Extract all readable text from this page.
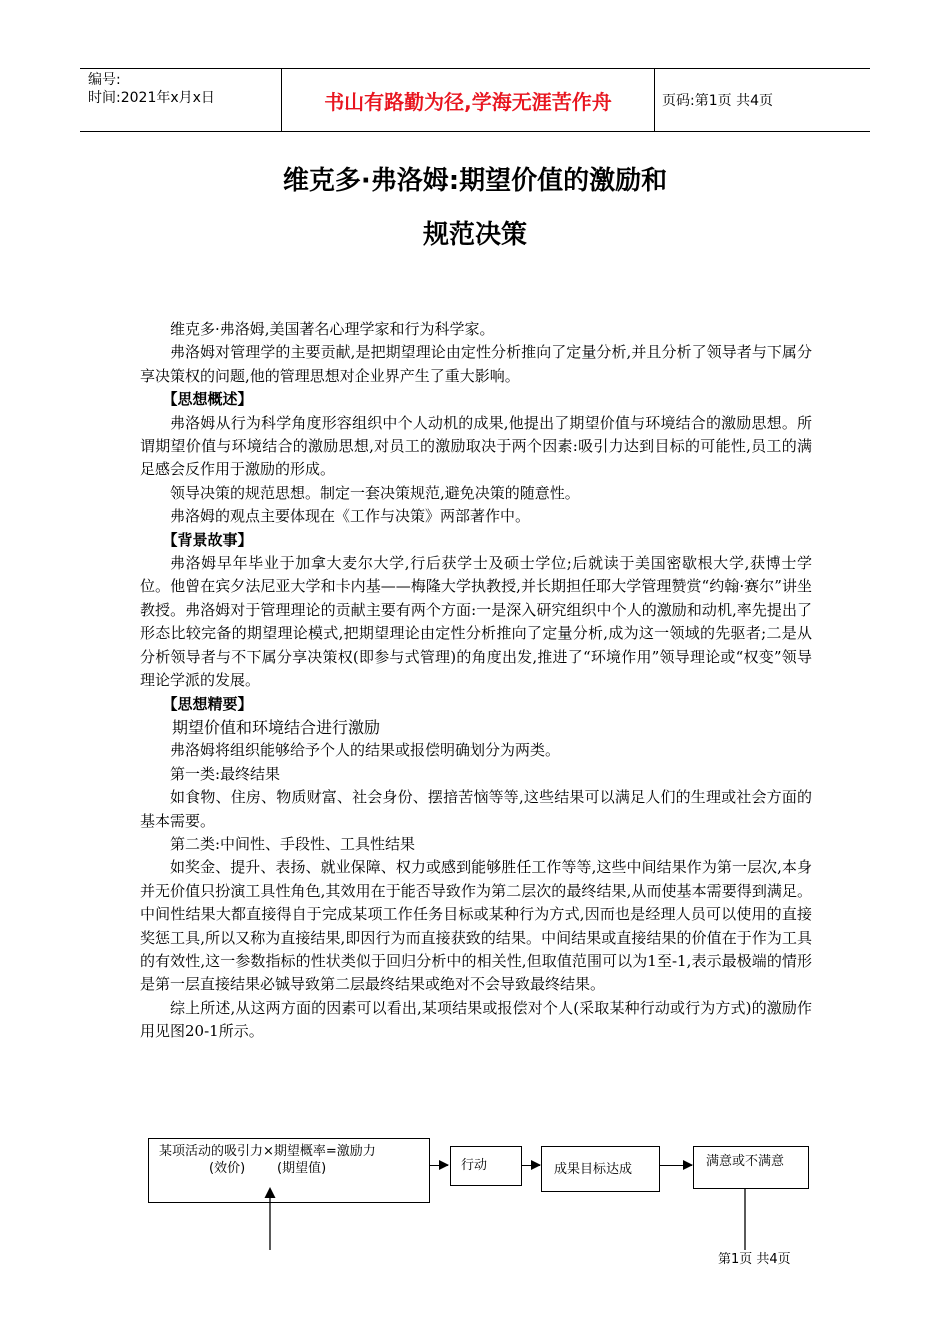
编号:
时间:2021年x月x日	书山有路勤为径,学海无涯苦作舟	页码:第1页 共4页
维克多·弗洛姆:期望价值的激励和
规范决策

维克多·弗洛姆,美国著名心理学家和行为科学家。

弗洛姆对管理学的主要贡献,是把期望理论由定性分析推向了定量分析,并且分析了领导者与下属分享决策权的问题,他的管理思想对企业界产生了重大影响。

【思想概述】

弗洛姆从行为科学角度形容组织中个人动机的成果,他提出了期望价值与环境结合的激励思想。所谓期望价值与环境结合的激励思想,对员工的激励取决于两个因素:吸引力达到目标的可能性,员工的满足感会反作用于激励的形成。

领导决策的规范思想。制定一套决策规范,避免决策的随意性。

弗洛姆的观点主要体现在《工作与决策》两部著作中。

【背景故事】

弗洛姆早年毕业于加拿大麦尔大学,行后获学士及硕士学位;后就读于美国密歇根大学,获博士学位。他曾在宾夕法尼亚大学和卡内基——梅隆大学执教授,并长期担任耶大学管理赞赏“约翰·赛尔”讲坐教授。弗洛姆对于管理理论的贡献主要有两个方面:一是深入研究组织中个人的激励和动机,率先提出了形态比较完备的期望理论模式,把期望理论由定性分析推向了定量分析,成为这一领域的先驱者;二是从分析领导者与不下属分享决策权(即参与式管理)的角度出发,推进了“环境作用”领导理论或“权变”领导理论学派的发展。

【思想精要】

期望价值和环境结合进行激励

弗洛姆将组织能够给予个人的结果或报偿明确划分为两类。

第一类:最终结果

如食物、住房、物质财富、社会身份、摆揞苦恼等等,这些结果可以满足人们的生理或社会方面的基本需要。

第二类:中间性、手段性、工具性结果

如奖金、提升、表扬、就业保障、权力或感到能够胜任工作等等,这些中间结果作为第一层次,本身并无价值只扮演工具性角色,其效用在于能否导致作为第二层次的最终结果,从而使基本需要得到满足。中间性结果大都直接得自于完成某项工作任务目标或某种行为方式,因而也是经理人员可以使用的直接奖惩工具,所以又称为直接结果,即因行为而直接获致的结果。中间结果或直接结果的价值在于作为工具的有效性,这一参数指标的性状类似于回归分析中的相关性,但取值范围可以为1至-1,表示最极端的情形是第一层直接结果必铖导致第二层最终结果或绝对不会导致最终结果。

综上所述,从这两方面的因素可以看出,某项结果或报偿对个人(采取某种行动或行为方式)的激励作用见图20-1所示。

某项活动的吸引力×期望概率=激励力
(效价) (期望值)	行动	成果目标达成
满意或不满意
第1页 共4页
